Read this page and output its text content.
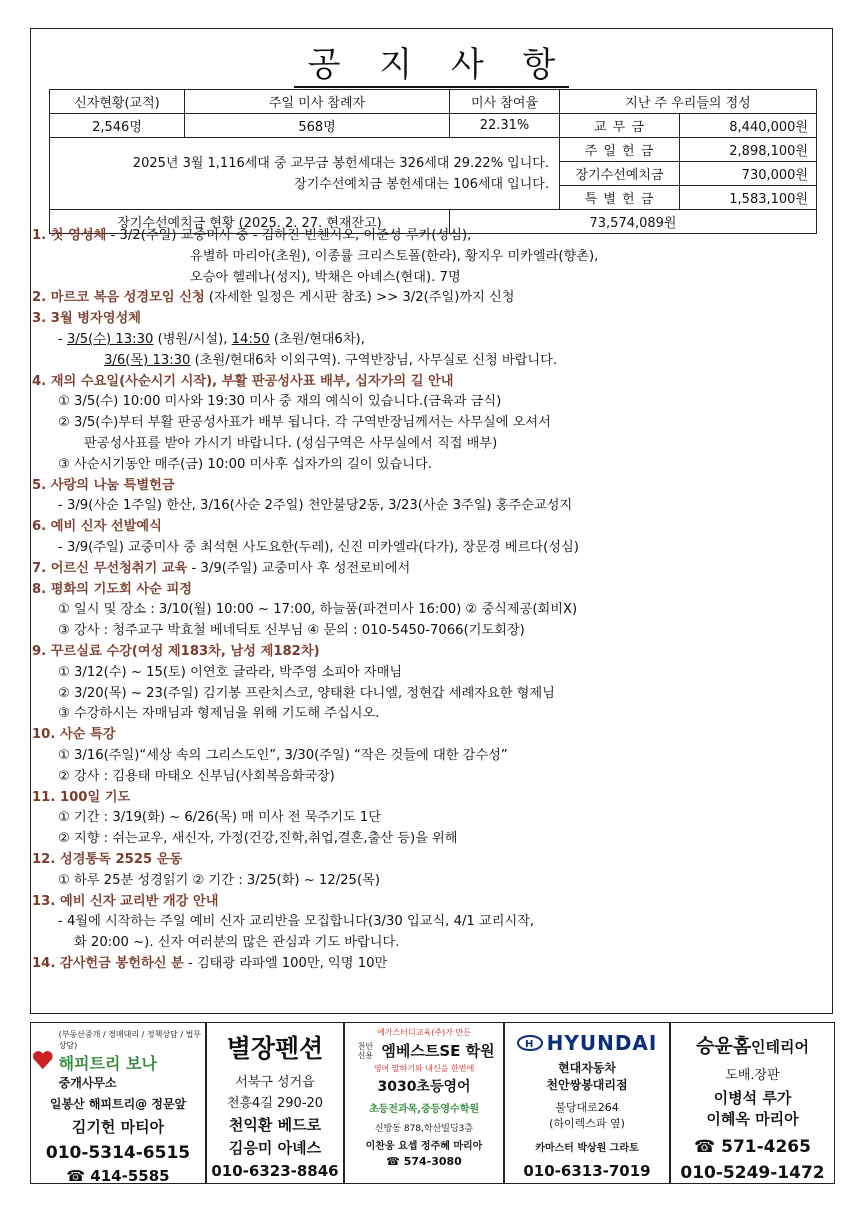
공 지 사 항
신자현황(교적)	주일 미사 참례자	미사 참여율	지난 주 우리들의 정성	
2,546명	568명	22.31%	교 무 금	8,440,000원

2025년 3월 1,116세대 중 교무금 봉헌세대는 326세대 29.22% 입니다.
장기수선예치금 봉헌세대는 106세대 입니다.			주 일 헌 금	2,898,100원
			장기수선예치금	730,000원
			특 별 헌 금	1,583,100원
장기수선예치금 현황 (2025. 2. 27. 현재잔고)		73,574,089원		
1. 첫 영성체 - 3/2(주일) 교중미사 중 - 김하진 빈첸시오, 이준성 루카(성심),
유별하 마리아(초원), 이종률 크리스토폴(한라), 황지우 미카엘라(향촌),
오승아 헬레나(성지), 박채은 아녜스(현대). 7명
2. 마르코 복음 성경모임 신청 (자세한 일정은 게시판 참조) >> 3/2(주일)까지 신청
3. 3월 병자영성체
- 3/5(수) 13:30 (병원/시설), 14:50 (초원/현대6차),
3/6(목) 13:30 (초원/현대6차 이외구역). 구역반장님, 사무실로 신청 바랍니다.
4. 재의 수요일(사순시기 시작), 부활 판공성사표 배부, 십자가의 길 안내
① 3/5(수) 10:00 미사와 19:30 미사 중 재의 예식이 있습니다.(금육과 금식)
② 3/5(수)부터 부활 판공성사표가 배부 됩니다. 각 구역반장님께서는 사무실에 오셔서
판공성사표를 받아 가시기 바랍니다. (성심구역은 사무실에서 직접 배부)
③ 사순시기동안 매주(금) 10:00 미사후 십자가의 길이 있습니다.
5. 사랑의 나눔 특별헌금
- 3/9(사순 1주일) 한산, 3/16(사순 2주일) 천안불당2동, 3/23(사순 3주일) 홍주순교성지
6. 예비 신자 선발예식
- 3/9(주일) 교중미사 중 최석현 사도요한(두레), 신진 미카엘라(다가), 장문경 베르다(성심)
7. 어르신 무선청취기 교육 - 3/9(주일) 교중미사 후 성전로비에서
8. 평화의 기도회 사순 피정
① 일시 및 장소 : 3/10(월) 10:00 ~ 17:00, 하늘품(파견미사 16:00) ② 중식제공(회비X)
③ 강사 : 청주교구 박효철 베네딕토 신부님 ④ 문의 : 010-5450-7066(기도회장)
9. 꾸르실료 수강(여성 제183차, 남성 제182차)
① 3/12(수) ~ 15(토) 이연호 글라라, 박주영 소피아 자매님
② 3/20(목) ~ 23(주일) 김기봉 프란치스코, 양태환 다니엘, 정현갑 세례자요한 형제님
③ 수강하시는 자매님과 형제님을 위해 기도해 주십시오.
10. 사순 특강
① 3/16(주일)“세상 속의 그리스도인”, 3/30(주일) “작은 것들에 대한 감수성”
② 강사 : 김용태 마태오 신부님(사회복음화국장)
11. 100일 기도
① 기간 : 3/19(화) ~ 6/26(목) 매 미사 전 묵주기도 1단
② 지향 : 쉬는교우, 새신자, 가정(건강,진학,취업,결혼,출산 등)을 위해
12. 성경통독 2525 운동
① 하루 25분 성경읽기 ② 기간 : 3/25(화) ~ 12/25(목)
13. 예비 신자 교리반 개강 안내
- 4월에 시작하는 주일 예비 신자 교리반을 모집합니다(3/30 입교식, 4/1 교리시작,
화 20:00 ~). 신자 여러분의 많은 관심과 기도 바랍니다.
14. 감사헌금 봉헌하신 분 - 김태광 라파엘 100만, 익명 10만
(부동산중개 / 경매대리 / 정책상담 / 법무상담)
해피트리 보나
중개사무소
일봉산 해피트리@ 정문앞
김기헌 마티아
010-5314-6515
☎ 414-5585
별장펜션
서북구 성거읍
천흥4길 290-20
천익환 베드로
김응미 아녜스
010-6323-8846
에가스터디교육(주)가 만든
천안 신용 엠베스트SE 학원
영어 말하기와 내신을 한번에
3030초등영어
초등전과목,중등영수학원
신방동 878,학산빌딩3층
이찬웅 요셉 정주혜 마리아
☎ 574-3080
H HYUNDAI
현대자동차
천안쌍봉대리점
불당대로264
(하이렉스파 옆)
카마스터 박상원 그라토
010-6313-7019
승윤홈인테리어
도배.장판
이병석 루가
이혜옥 마리아
☎ 571-4265
010-5249-1472
